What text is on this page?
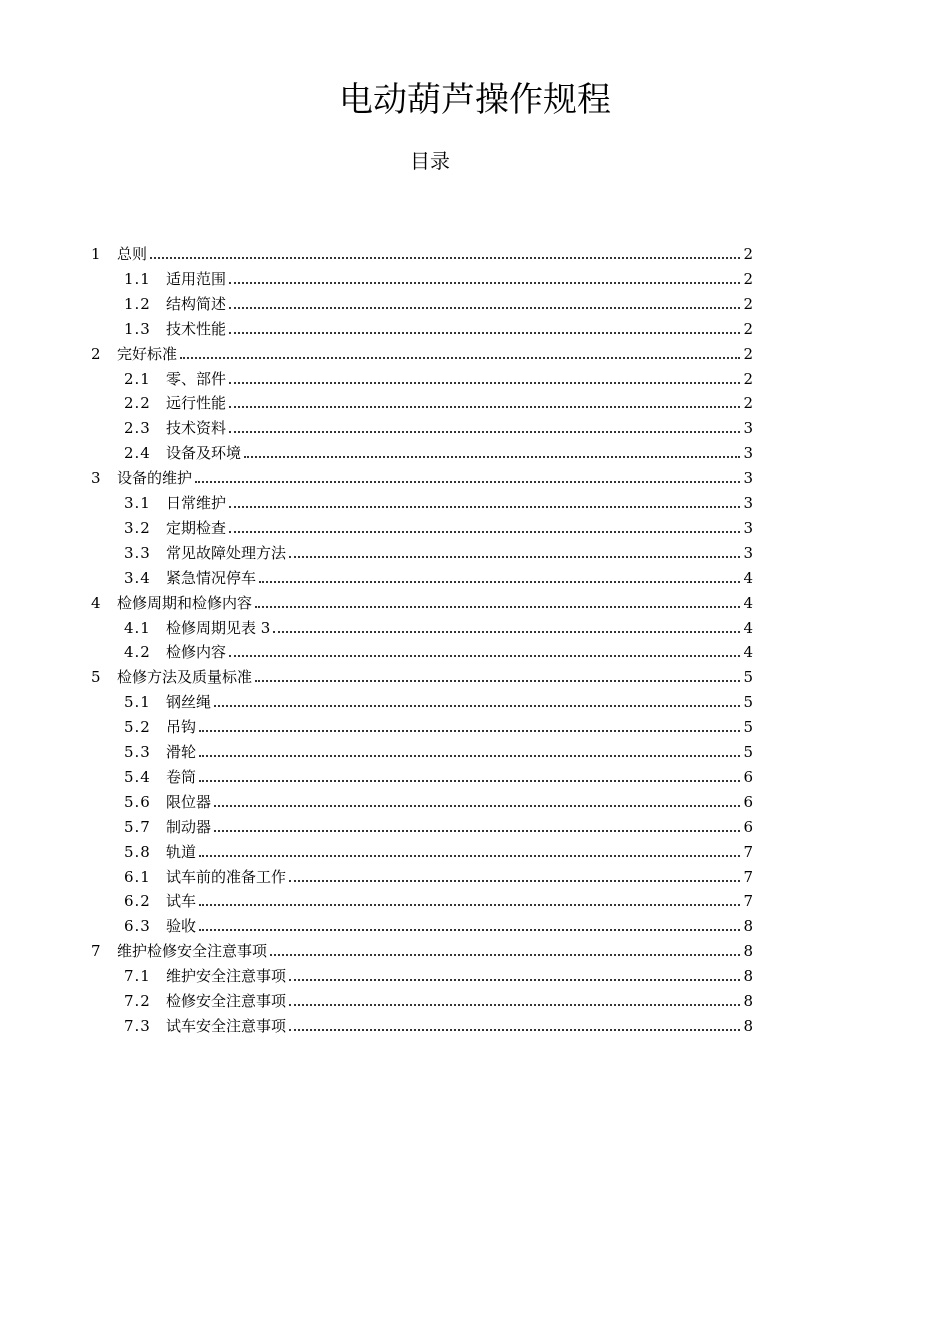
电动葫芦操作规程
目录
1	总则	2
1.1	适用范围	2
1.2	结构简述	2
1.3	技术性能	2
2	完好标准	2
2.1	零、部件	2
2.2	远行性能	2
2.3	技术资料	3
2.4	设备及环境	3
3	设备的维护	3
3.1	日常维护	3
3.2	定期检查	3
3.3	常见故障处理方法	3
3.4	紧急情况停车	4
4	检修周期和检修内容	4
4.1	检修周期见表 3	4
4.2	检修内容	4
5	检修方法及质量标准	5
5.1	钢丝绳	5
5.2	吊钩	5
5.3	滑轮	5
5.4	卷筒	6
5.6	限位器	6
5.7	制动器	6
5.8	轨道	7
6.1	试车前的准备工作	7
6.2	试车	7
6.3	验收	8
7	维护检修安全注意事项	8
7.1	维护安全注意事项	8
7.2	检修安全注意事项	8
7.3	试车安全注意事项	8
